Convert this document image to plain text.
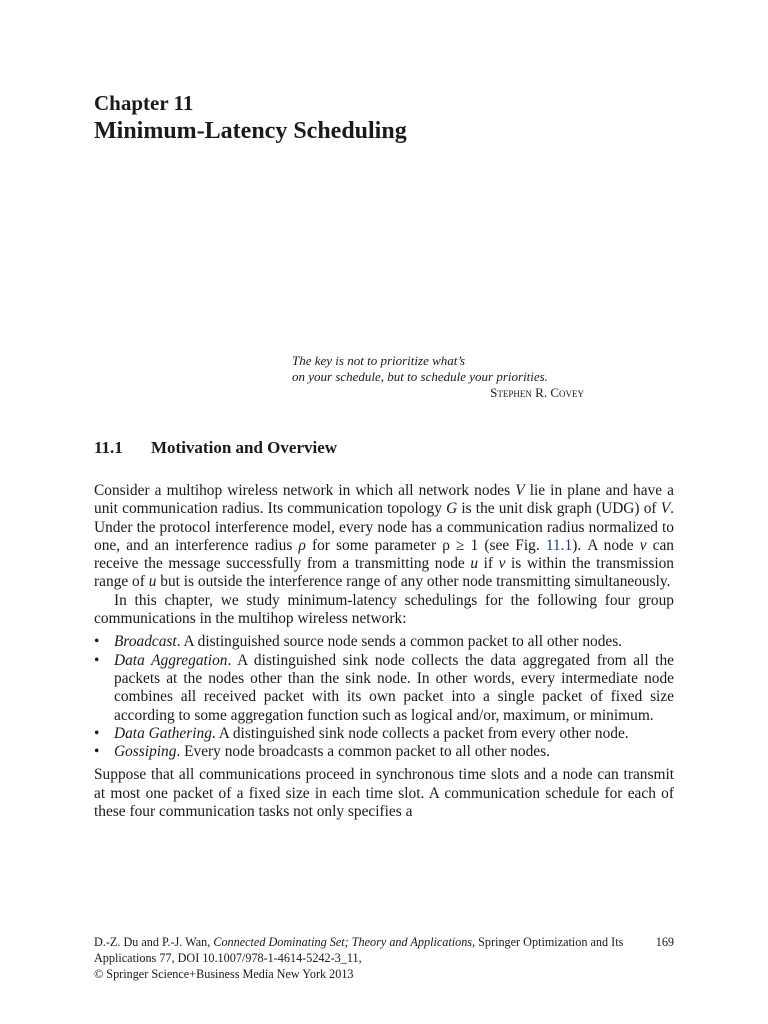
Chapter 11
Minimum-Latency Scheduling
The key is not to prioritize what’s
on your schedule, but to schedule your priorities.
Stephen R. Covey
11.1 Motivation and Overview

Consider a multihop wireless network in which all network nodes V lie in plane and have a unit communication radius. Its communication topology G is the unit disk graph (UDG) of V. Under the protocol interference model, every node has a communication radius normalized to one, and an interference radius ρ for some parameter ρ ≥ 1 (see Fig. 11.1). A node v can receive the message successfully from a transmitting node u if v is within the transmission range of u but is outside the interference range of any other node transmitting simultaneously.

In this chapter, we study minimum-latency schedulings for the following four group communications in the multihop wireless network:

• Broadcast. A distinguished source node sends a common packet to all other nodes.
• Data Aggregation. A distinguished sink node collects the data aggregated from all the packets at the nodes other than the sink node. In other words, every intermediate node combines all received packet with its own packet into a single packet of fixed size according to some aggregation function such as logical and/or, maximum, or minimum.
• Data Gathering. A distinguished sink node collects a packet from every other node.
• Gossiping. Every node broadcasts a common packet to all other nodes.

Suppose that all communications proceed in synchronous time slots and a node can transmit at most one packet of a fixed size in each time slot. A communication schedule for each of these four communication tasks not only specifies a

169
D.-Z. Du and P.-J. Wan, Connected Dominating Set; Theory and Applications, Springer Optimization and Its Applications 77, DOI 10.1007/978-1-4614-5242-3_11,
© Springer Science+Business Media New York 2013
